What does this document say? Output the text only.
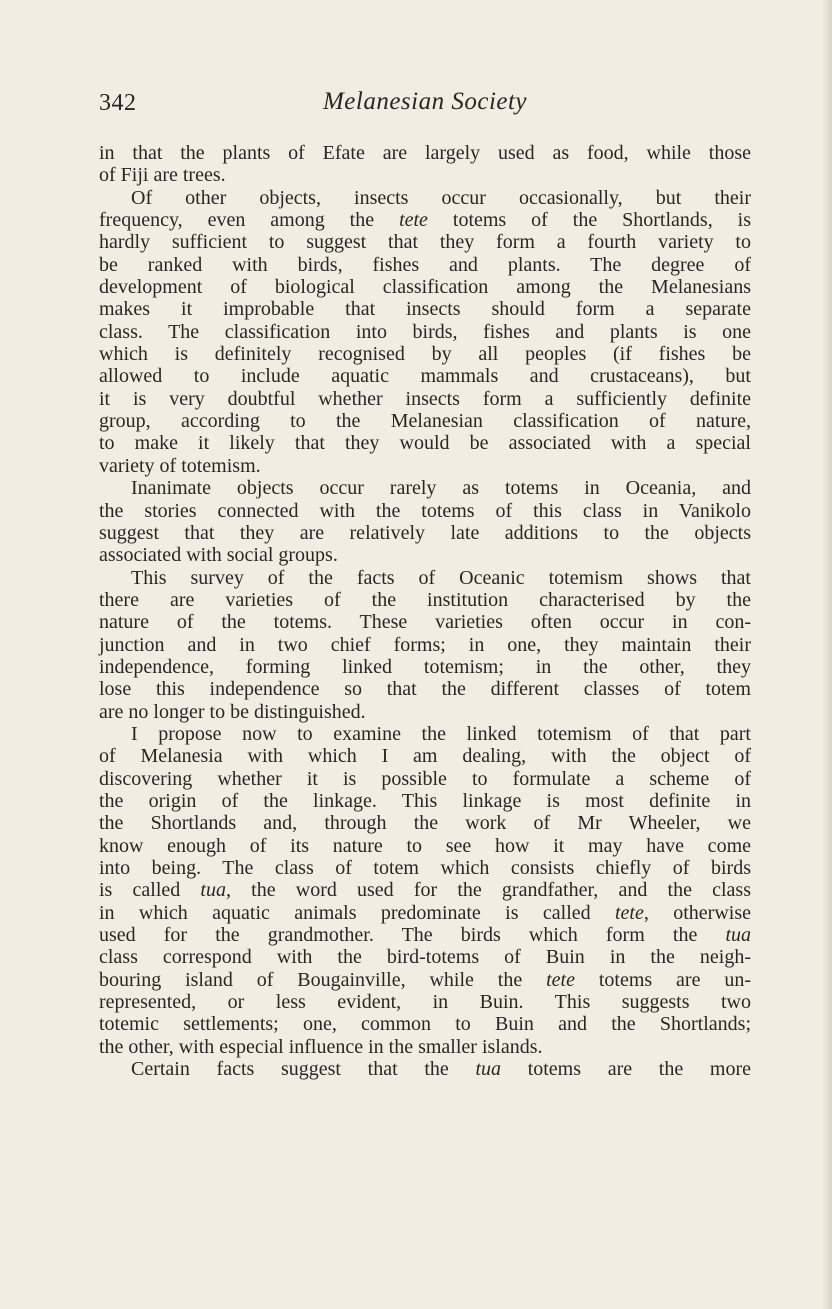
342	Melanesian Society
in that the plants of Efate are largely used as food, while those
of Fiji are trees.
Of other objects, insects occur occasionally, but their
frequency, even among the tete totems of the Shortlands, is
hardly sufficient to suggest that they form a fourth variety to
be ranked with birds, fishes and plants. The degree of
development of biological classification among the Melanesians
makes it improbable that insects should form a separate
class. The classification into birds, fishes and plants is one
which is definitely recognised by all peoples (if fishes be
allowed to include aquatic mammals and crustaceans), but
it is very doubtful whether insects form a sufficiently definite
group, according to the Melanesian classification of nature,
to make it likely that they would be associated with a special
variety of totemism.
Inanimate objects occur rarely as totems in Oceania, and
the stories connected with the totems of this class in Vanikolo
suggest that they are relatively late additions to the objects
associated with social groups.
This survey of the facts of Oceanic totemism shows that
there are varieties of the institution characterised by the
nature of the totems. These varieties often occur in con-
junction and in two chief forms; in one, they maintain their
independence, forming linked totemism; in the other, they
lose this independence so that the different classes of totem
are no longer to be distinguished.
I propose now to examine the linked totemism of that part
of Melanesia with which I am dealing, with the object of
discovering whether it is possible to formulate a scheme of
the origin of the linkage. This linkage is most definite in
the Shortlands and, through the work of Mr Wheeler, we
know enough of its nature to see how it may have come
into being. The class of totem which consists chiefly of birds
is called tua, the word used for the grandfather, and the class
in which aquatic animals predominate is called tete, otherwise
used for the grandmother. The birds which form the tua
class correspond with the bird-totems of Buin in the neigh-
bouring island of Bougainville, while the tete totems are un-
represented, or less evident, in Buin. This suggests two
totemic settlements; one, common to Buin and the Shortlands;
the other, with especial influence in the smaller islands.
Certain facts suggest that the tua totems are the more
